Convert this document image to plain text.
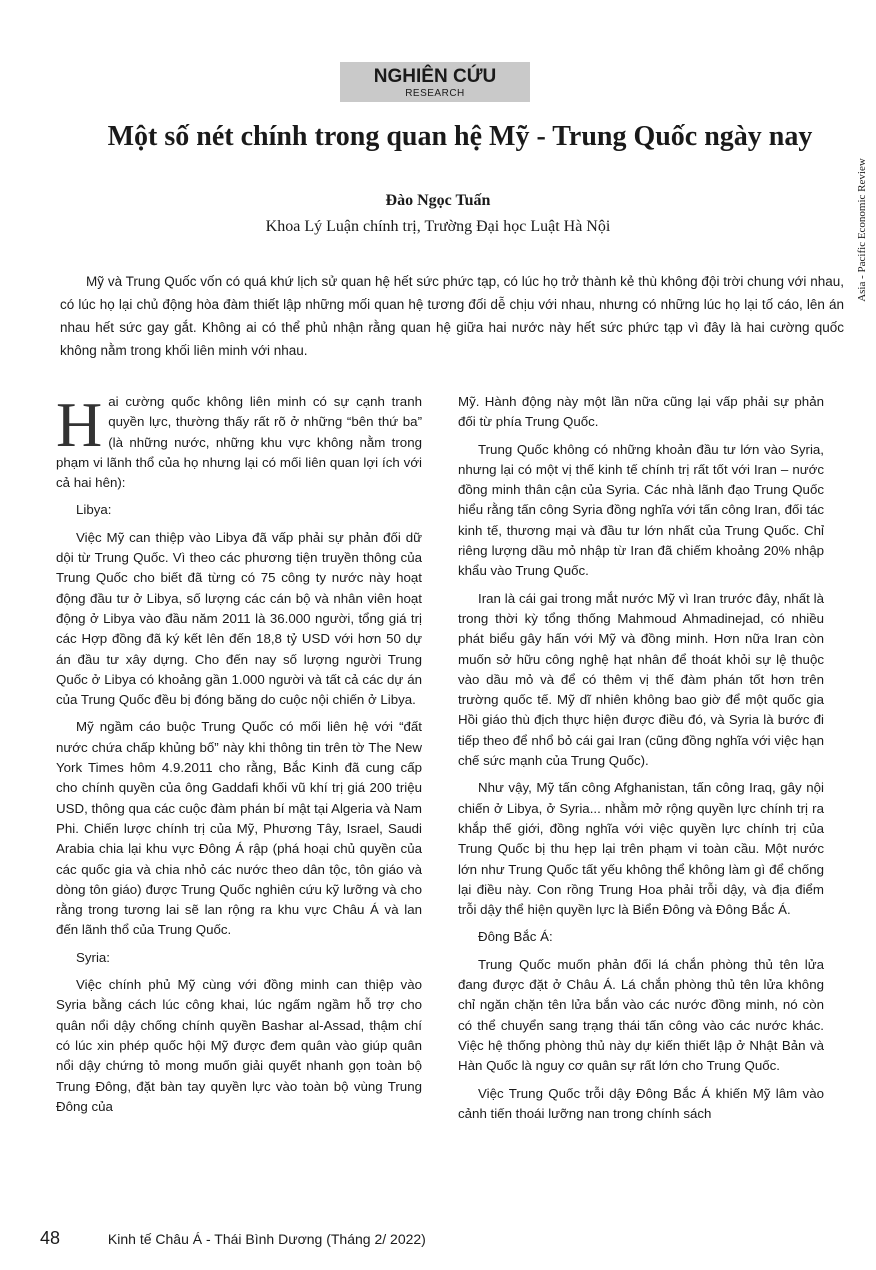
NGHIÊN CỨU
RESEARCH
Asia - Pacific Economic Review
Một số nét chính trong quan hệ Mỹ - Trung Quốc ngày nay
Đào Ngọc Tuấn
Khoa Lý Luận chính trị, Trường Đại học Luật Hà Nội

Mỹ và Trung Quốc vốn có quá khứ lịch sử quan hệ hết sức phức tạp, có lúc họ trở thành kẻ thù không đội trời chung với nhau, có lúc họ lại chủ động hòa đàm thiết lập những mối quan hệ tương đối dễ chịu với nhau, nhưng có những lúc họ lại tố cáo, lên án nhau hết sức gay gắt. Không ai có thể phủ nhận rằng quan hệ giữa hai nước này hết sức phức tạp vì đây là hai cường quốc không nằm trong khối liên minh với nhau.

Hai cường quốc không liên minh có sự cạnh tranh quyền lực, thường thấy rất rõ ở những “bên thứ ba” (là những nước, những khu vực không nằm trong phạm vi lãnh thổ của họ nhưng lại có mối liên quan lợi ích với cả hai hên):

Libya:

Việc Mỹ can thiệp vào Libya đã vấp phải sự phản đối dữ dội từ Trung Quốc. Vì theo các phương tiện truyền thông của Trung Quốc cho biết đã từng có 75 công ty nước này hoạt động đầu tư ở Libya, số lượng các cán bộ và nhân viên hoạt động ở Libya vào đầu năm 2011 là 36.000 người, tổng giá trị các Hợp đồng đã ký kết lên đến 18,8 tỷ USD với hơn 50 dự án đầu tư xây dựng. Cho đến nay số lượng người Trung Quốc ở Libya có khoảng gần 1.000 người và tất cả các dự án của Trung Quốc đều bị đóng băng do cuộc nội chiến ở Libya.

Mỹ ngầm cáo buộc Trung Quốc có mối liên hệ với “đất nước chứa chấp khủng bố” này khi thông tin trên tờ The New York Times hôm 4.9.2011 cho rằng, Bắc Kinh đã cung cấp cho chính quyền của ông Gaddafi khối vũ khí trị giá 200 triệu USD, thông qua các cuộc đàm phán bí mật tại Algeria và Nam Phi. Chiến lược chính trị của Mỹ, Phương Tây, Israel, Saudi Arabia chia lại khu vực Đông Á rập (phá hoại chủ quyền của các quốc gia và chia nhỏ các nước theo dân tộc, tôn giáo và dòng tôn giáo) được Trung Quốc nghiên cứu kỹ lưỡng và cho rằng trong tương lai sẽ lan rộng ra khu vực Châu Á và lan đến lãnh thổ của Trung Quốc.

Syria:

Việc chính phủ Mỹ cùng với đồng minh can thiệp vào Syria bằng cách lúc công khai, lúc ngấm ngầm hỗ trợ cho quân nổi dậy chống chính quyền Bashar al-Assad, thậm chí có lúc xin phép quốc hội Mỹ được đem quân vào giúp quân nổi dậy chứng tỏ mong muốn giải quyết nhanh gọn toàn bộ Trung Đông, đặt bàn tay quyền lực vào toàn bộ vùng Trung Đông của

Mỹ. Hành động này một lần nữa cũng lại vấp phải sự phản đối từ phía Trung Quốc.

Trung Quốc không có những khoản đầu tư lớn vào Syria, nhưng lại có một vị thế kinh tế chính trị rất tốt với Iran – nước đồng minh thân cận của Syria. Các nhà lãnh đạo Trung Quốc hiểu rằng tấn công Syria đồng nghĩa với tấn công Iran, đối tác kinh tế, thương mại và đầu tư lớn nhất của Trung Quốc. Chỉ riêng lượng dầu mỏ nhập từ Iran đã chiếm khoảng 20% nhập khẩu vào Trung Quốc.

Iran là cái gai trong mắt nước Mỹ vì Iran trước đây, nhất là trong thời kỳ tổng thống Mahmoud Ahmadinejad, có nhiều phát biểu gây hấn với Mỹ và đồng minh. Hơn nữa Iran còn muốn sở hữu công nghệ hạt nhân để thoát khỏi sự lệ thuộc vào dầu mỏ và để có thêm vị thế đàm phán tốt hơn trên trường quốc tế. Mỹ dĩ nhiên không bao giờ để một quốc gia Hồi giáo thù địch thực hiện được điều đó, và Syria là bước đi tiếp theo để nhổ bỏ cái gai Iran (cũng đồng nghĩa với việc hạn chế sức mạnh của Trung Quốc).

Như vậy, Mỹ tấn công Afghanistan, tấn công Iraq, gây nội chiến ở Libya, ở Syria... nhằm mở rộng quyền lực chính trị ra khắp thế giới, đồng nghĩa với việc quyền lực chính trị của Trung Quốc bị thu hẹp lại trên phạm vi toàn cầu. Một nước lớn như Trung Quốc tất yếu không thể không làm gì để chống lại điều này. Con rồng Trung Hoa phải trỗi dậy, và địa điểm trỗi dậy thể hiện quyền lực là Biển Đông và Đông Bắc Á.

Đông Bắc Á:

Trung Quốc muốn phản đối lá chắn phòng thủ tên lửa đang được đặt ở Châu Á. Lá chắn phòng thủ tên lửa không chỉ ngăn chặn tên lửa bắn vào các nước đồng minh, nó còn có thể chuyển sang trạng thái tấn công vào các nước khác. Việc hệ thống phòng thủ này dự kiến thiết lập ở Nhật Bản và Hàn Quốc là nguy cơ quân sự rất lớn cho Trung Quốc.

Việc Trung Quốc trỗi dậy Đông Bắc Á khiến Mỹ lâm vào cảnh tiến thoái lưỡng nan trong chính sách

48	Kinh tế Châu Á - Thái Bình Dương (Tháng 2/ 2022)
